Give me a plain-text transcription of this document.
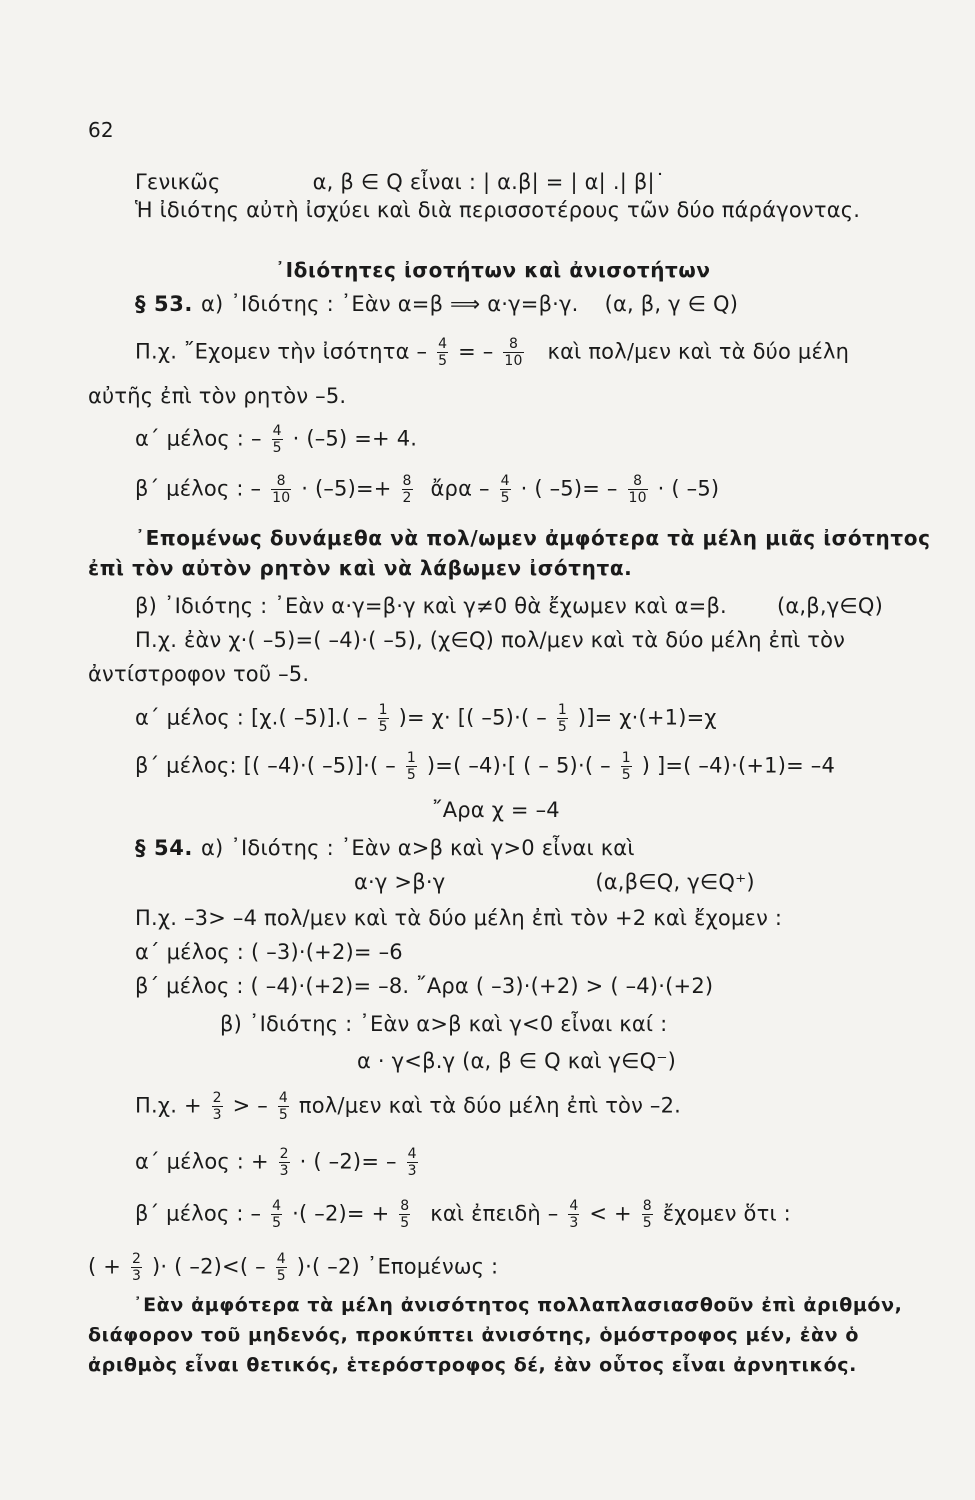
62
Γενικῶς	α, β ∈ Q εἶναι : | α.β| = | α| .| β|˙
Ἡ ἰδιότης αὐτὴ ἰσχύει καὶ διὰ περισσοτέρους τῶν δύο πάράγοντας.
᾿Ιδιότητες ἰσοτήτων καὶ ἀνισοτήτων
§ 53. α) ᾿Ιδιότης : ᾿Εὰν α=β ⟹ α·γ=β·γ. (α, β, γ ∈ Q)
Π.χ. ῎Εχομεν τὴν ἰσότητα – $\frac{4}{5}$ = – $\frac{8}{10}$ καὶ πολ/μεν καὶ τὰ δύο μέλη
αὐτῆς ἐπὶ τὸν ρητὸν –5.
α΄ μέλος : – $\frac{4}{5} \cdot (-5) =+ 4$.
β΄ μέλος : – $\frac{8}{10} \cdot (-5)=+ \frac{8}{2}$ ἄρα – $\frac{4}{5}$ · ( $-5)= - \frac{8}{10}$ · ( –5)
᾿Επομένως δυνάμεθα νὰ πολ/ωμεν ἀμφότερα τὰ μέλη μιᾶς ἰσότητος
ἐπὶ τὸν αὐτὸν ρητὸν καὶ νὰ λάβωμεν ἰσότητα.
β) ᾿Ιδιότης : ᾿Εὰν α·γ=β·γ καὶ γ≠0 θὰ ἔχωμεν καὶ α=β. (α,β,γ∈Q)
Π.χ. ἐὰν χ·( –5)=( –4)·( –5), (χ∈Q) πολ/μεν καὶ τὰ δύο μέλη ἐπὶ τὸν
ἀντίστροφον τοῦ –5.
α΄ μέλος : [χ.( $-5)].( - \frac{1}{5}$ )= χ· [( $-5)\cdot( - \frac{1}{5}$ )]= χ·(+1)=χ
β΄ μέλος: [( –4)·( $-5)]\cdot( - \frac{1}{5}$ )=( –4)·[ ( – $5)\cdot( - \frac{1}{5}$ ) ]=( –4)·(+1)= –4
῎Αρα χ = –4
§ 54. α) ᾿Ιδιότης : ᾿Εὰν α>β καὶ γ>0 εἶναι καὶ
α·γ >β·γ	(α,β∈Q, γ∈Q⁺)
Π.χ. –3> –4 πολ/μεν καὶ τὰ δύο μέλη ἐπὶ τὸν +2 καὶ ἔχομεν :
α΄ μέλος : ( –3)·(+2)= –6
β΄ μέλος : ( –4)·(+2)= –8. ῎Αρα ( –3)·(+2) > ( –4)·(+2)
β) ᾿Ιδιότης : ᾿Εὰν α>β καὶ γ<0 εἶναι καί :
α · γ<β.γ (α, β ∈ Q καὶ γ∈Q⁻)
Π.χ. + $\frac{2}{3}$ > – $\frac{4}{5} \pi o\lambda/\mu\varepsilon\nu$ καὶ τὰ δύο μέλη ἐπὶ τὸν –2.
α΄ μέλος : + $\frac{2}{3}$ · ( $-2)= - \frac{4}{3}$
β΄ μέλος : – $\frac{4}{5}$ ·( $-2)= + \frac{8}{5}$ καὶ ἐπειδὴ – $\frac{4}{3}$ < + $\frac{8}{5}$ ἔχομεν ὅτι :
( + $\frac{2}{3}$ )· ( $-2)<( - \frac{4}{5}$ )·( –2) ᾿Επομένως :
᾿Εὰν ἀμφότερα τὰ μέλη ἀνισότητος πολλαπλασιασθοῦν ἐπὶ ἀριθμόν,
διάφορον τοῦ μηδενός, προκύπτει ἀνισότης, ὁμόστροφος μέν, ἐὰν ὁ
ἀριθμὸς εἶναι θετικός, ἑτερόστροφος δέ, ἐὰν οὗτος εἶναι ἀρνητικός.
